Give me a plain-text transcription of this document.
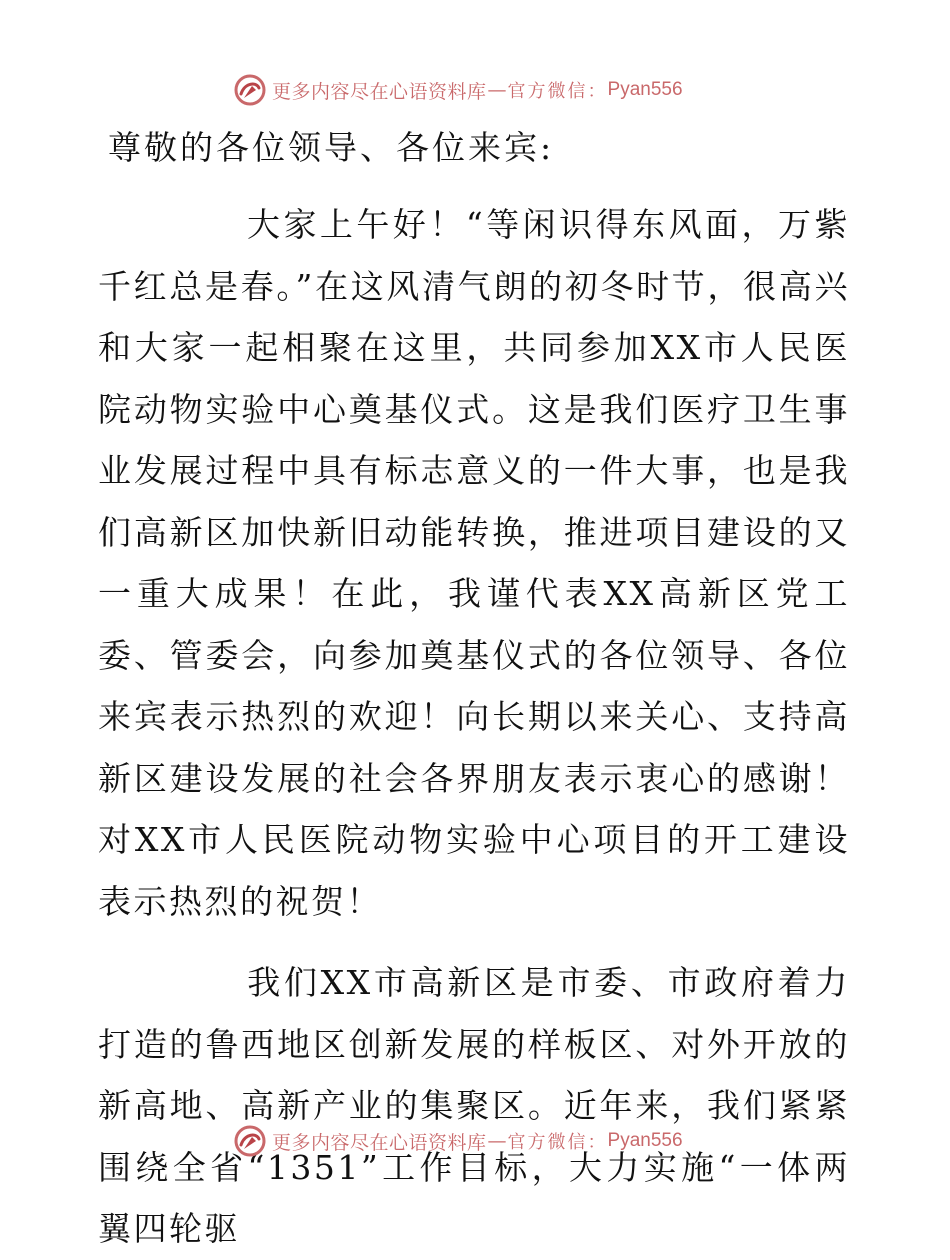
更多内容尽在心语资料库 — 官方微信： Pyan556

尊敬的各位领导、各位来宾:

大家上午好！“等闲识得东风面，万紫千红总是春。”在这风清气朗的初冬时节，很高兴和大家一起相聚在这里，共同参加XX市人民医院动物实验中心奠基仪式。这是我们医疗卫生事业发展过程中具有标志意义的一件大事，也是我们高新区加快新旧动能转换，推进项目建设的又一重大成果！在此，我谨代表XX高新区党工委、管委会，向参加奠基仪式的各位领导、各位来宾表示热烈的欢迎！向长期以来关心、支持高新区建设发展的社会各界朋友表示衷心的感谢！对XX市人民医院动物实验中心项目的开工建设表示热烈的祝贺！

我们XX市高新区是市委、市政府着力打造的鲁西地区创新发展的样板区、对外开放的新高地、高新产业的集聚区。近年来，我们紧紧围绕全省“1351”工作目标，大力实施“一体两翼四轮驱

更多内容尽在心语资料库 — 官方微信： Pyan556
